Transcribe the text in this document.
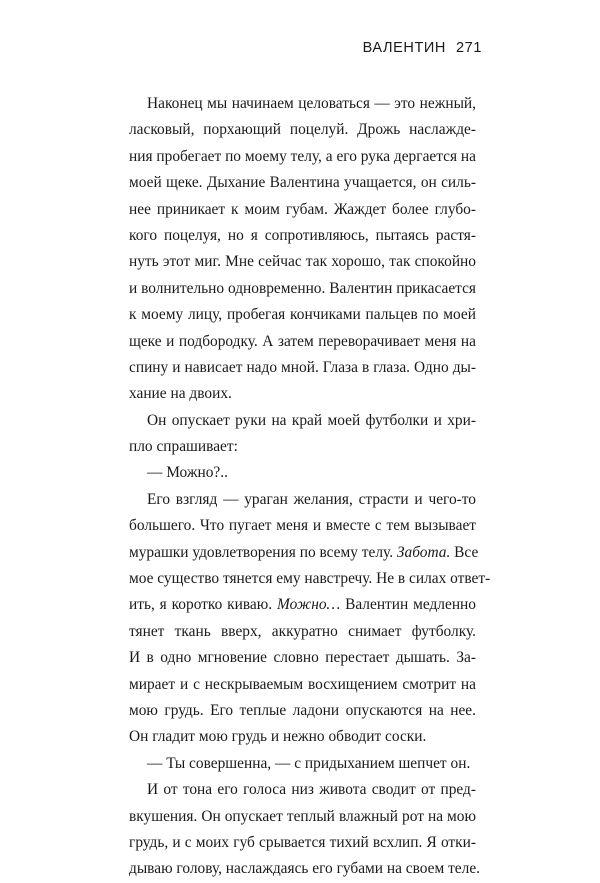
ВАЛЕНТИН 271
Наконец мы начинаем целоваться — это нежный,
ласковый, порхающий поцелуй. Дрожь наслажде-
ния пробегает по моему телу, а его рука дергается на
моей щеке. Дыхание Валентина учащается, он силь-
нее приникает к моим губам. Жаждет более глубо-
кого поцелуя, но я сопротивляюсь, пытаясь растя-
нуть этот миг. Мне сейчас так хорошо, так спокойно
и волнительно одновременно. Валентин прикасается
к моему лицу, пробегая кончиками пальцев по моей
щеке и подбородку. А затем переворачивает меня на
спину и нависает надо мной. Глаза в глаза. Одно ды-
хание на двоих.
Он опускает руки на край моей футболки и хри-
пло спрашивает:
— Можно?..
Его взгляд — ураган желания, страсти и чего-то
большего. Что пугает меня и вместе с тем вызывает
мурашки удовлетворения по всему телу. Забота. Все
мое существо тянется ему навстречу. Не в силах ответ-
ить, я коротко киваю. Можно… Валентин медленно
тянет ткань вверх, аккуратно снимает футболку.
И в одно мгновение словно перестает дышать. За-
мирает и с нескрываемым восхищением смотрит на
мою грудь. Его теплые ладони опускаются на нее.
Он гладит мою грудь и нежно обводит соски.
— Ты совершенна, — с придыханием шепчет он.
И от тона его голоса низ живота сводит от пред-
вкушения. Он опускает теплый влажный рот на мою
грудь, и с моих губ срывается тихий всхлип. Я отки-
дываю голову, наслаждаясь его губами на своем теле.
